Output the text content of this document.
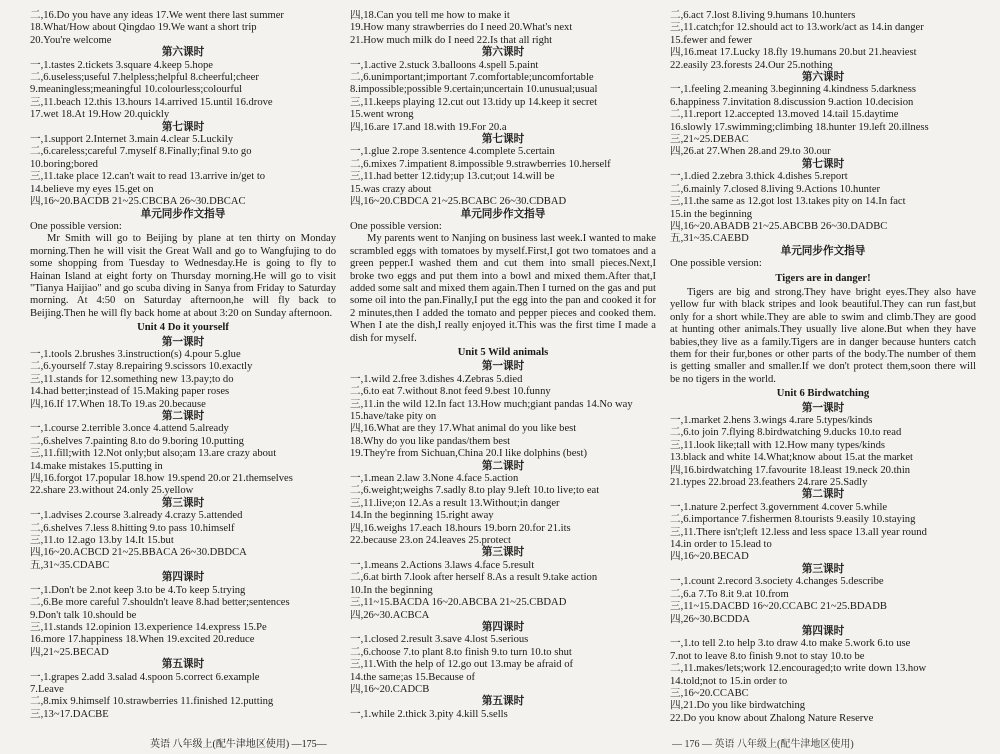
二,16.Do you have any ideas 17.We went there last summer
18.What/How about Qingdao 19.We want a short trip
20.You're welcome
第六课时
一,1.tastes 2.tickets 3.square 4.keep 5.hope
二,6.useless;useful 7.helpless;helpful 8.cheerful;cheer
9.meaningless;meaningful 10.colourless;colourful
三,11.beach 12.this 13.hours 14.arrived 15.until 16.drove
17.wet 18.At 19.How 20.quickly
第七课时
一,1.support 2.Internet 3.main 4.clear 5.Luckily
二,6.careless;careful 7.myself 8.Finally;final 9.to go
10.boring;bored
三,11.take place 12.can't wait to read 13.arrive in/get to
14.believe my eyes 15.get on
四,16~20.BACDB 21~25.CBCBA 26~30.DBCAC
单元同步作文指导
One possible version:
Mr Smith will go to Beijing by plane at ten thirty on Monday morning.Then he will visit the Great Wall and go to Wangfujing to do some shopping from Tuesday to Wednesday.He is going to fly to Hainan Island at eight forty on Thursday morning.He will go to visit "Tianya Haijiao" and go scuba diving in Sanya from Friday to Saturday morning. At 4:50 on Saturday afternoon,he will fly back to Beijing.Then he will fly back home at about 3:20 on Sunday afternoon.
Unit 4 Do it yourself
第一课时
一,1.tools 2.brushes 3.instruction(s) 4.pour 5.glue
二,6.yourself 7.stay 8.repairing 9.scissors 10.exactly
三,11.stands for 12.something new 13.pay;to do
14.had better;instead of 15.Making paper roses
四,16.If 17.When 18.To 19.as 20.because
第二课时
一,1.course 2.terrible 3.once 4.attend 5.already
二,6.shelves 7.painting 8.to do 9.boring 10.putting
三,11.fill;with 12.Not only;but also;am 13.are crazy about
14.make mistakes 15.putting in
四,16.forgot 17.popular 18.how 19.spend 20.or 21.themselves
22.share 23.without 24.only 25.yellow
第三课时
一,1.advises 2.course 3.already 4.crazy 5.attended
二,6.shelves 7.less 8.hitting 9.to pass 10.himself
三,11.to 12.ago 13.by 14.It 15.but
四,16~20.ACBCD 21~25.BBACA 26~30.DBDCA
五,31~35.CDABC
第四课时
一,1.Don't be 2.not keep 3.to be 4.To keep 5.trying
二,6.Be more careful 7.shouldn't leave 8.had better;sentences
9.Don't talk 10.should be
三,11.stands 12.opinion 13.experience 14.express 15.Pe
16.more 17.happiness 18.When 19.excited 20.reduce
四,21~25.BECAD
第五课时
一,1.grapes 2.add 3.salad 4.spoon 5.correct 6.example
7.Leave
二,8.mix 9.himself 10.strawberries 11.finished 12.putting
三,13~17.DACBE
四,18.Can you tell me how to make it
19.How many strawberries do I need 20.What's next
21.How much milk do I need 22.Is that all right
第六课时
一,1.active 2.stuck 3.balloons 4.spell 5.paint
二,6.unimportant;important 7.comfortable;uncomfortable
8.impossible;possible 9.certain;uncertain 10.unusual;usual
三,11.keeps playing 12.cut out 13.tidy up 14.keep it secret
15.went wrong
四,16.are 17.and 18.with 19.For 20.a
第七课时
一,1.glue 2.rope 3.sentence 4.complete 5.certain
二,6.mixes 7.impatient 8.impossible 9.strawberries 10.herself
三,11.had better 12.tidy;up 13.cut;out 14.will be
15.was crazy about
四,16~20.CBDCA 21~25.BCABC 26~30.CDBAD
单元同步作文指导
One possible version:
My parents went to Nanjing on business last week.I wanted to make scrambled eggs with tomatoes by myself.First,I got two tomatoes and a green pepper.I washed them and cut them into small pieces.Next,I broke two eggs and put them into a bowl and mixed them.After that,I added some salt and mixed them again.Then I turned on the gas and put some oil into the pan.Finally,I put the egg into the pan and cooked it for 2 minutes,then I added the tomato and pepper pieces and cooked them. When I ate the dish,I really enjoyed it.This was the first time I made a dish for myself.
Unit 5 Wild animals
第一课时
一,1.wild 2.free 3.dishes 4.Zebras 5.died
二,6.to eat 7.without 8.not feed 9.best 10.funny
三,11.in the wild 12.In fact 13.How much;giant pandas 14.No way
15.have/take pity on
四,16.What are they 17.What animal do you like best
18.Why do you like pandas/them best
19.They're from Sichuan,China 20.I like dolphins (best)
第二课时
一,1.mean 2.law 3.None 4.face 5.action
二,6.weight;weighs 7.sadly 8.to play 9.left 10.to live;to eat
三,11.live;on 12.As a result 13.Without;in danger
14.In the beginning 15.right away
四,16.weighs 17.each 18.hours 19.born 20.for 21.its
22.because 23.on 24.leaves 25.protect
第三课时
一,1.means 2.Actions 3.laws 4.face 5.result
二,6.at birth 7.look after herself 8.As a result 9.take action
10.In the beginning
三,11~15.BACDA 16~20.ABCBA 21~25.CBDAD
四,26~30.ACBCA
第四课时
一,1.closed 2.result 3.save 4.lost 5.serious
二,6.choose 7.to plant 8.to finish 9.to turn 10.to shut
三,11.With the help of 12.go out 13.may be afraid of
14.the same;as 15.Because of
四,16~20.CADCB
第五课时
一,1.while 2.thick 3.pity 4.kill 5.sells
二,6.act 7.lost 8.living 9.humans 10.hunters
三,11.catch;for 12.should act to 13.work/act as 14.in danger
15.fewer and fewer
四,16.meat 17.Lucky 18.fly 19.humans 20.but 21.heaviest
22.easily 23.forests 24.Our 25.nothing
第六课时
一,1.feeling 2.meaning 3.beginning 4.kindness 5.darkness
6.happiness 7.invitation 8.discussion 9.action 10.decision
二,11.report 12.accepted 13.moved 14.tail 15.daytime
16.slowly 17.swimming;climbing 18.hunter 19.left 20.illness
三,21~25.DEBAC
四,26.at 27.When 28.and 29.to 30.our
第七课时
一,1.died 2.zebra 3.thick 4.dishes 5.report
二,6.mainly 7.closed 8.living 9.Actions 10.hunter
三,11.the same as 12.got lost 13.takes pity on 14.In fact
15.in the beginning
四,16~20.ABADB 21~25.ABCBB 26~30.DADBC
五,31~35.CAEBD
单元同步作文指导
One possible version:
Tigers are in danger!
Tigers are big and strong.They have bright eyes.They also have yellow fur with black stripes and look beautiful.They can run fast,but only for a short while.They are able to swim and climb.They are good at hunting other animals.They usually live alone.But when they have babies,they live as a family.Tigers are in danger because hunters catch them for their fur,bones or other parts of the body.The number of them is getting smaller and smaller.If we don't protect them,soon there will be no tigers in the world.
Unit 6 Birdwatching
第一课时
一,1.market 2.hens 3.wings 4.rare 5.types/kinds
二,6.to join 7.flying 8.birdwatching 9.ducks 10.to read
三,11.look like;tall with 12.How many types/kinds
13.black and white 14.What;know about 15.at the market
四,16.birdwatching 17.favourite 18.least 19.neck 20.thin
21.types 22.broad 23.feathers 24.rare 25.Sadly
第二课时
一,1.nature 2.perfect 3.government 4.cover 5.while
二,6.importance 7.fishermen 8.tourists 9.easily 10.staying
三,11.There isn't;left 12.less and less space 13.all year round
14.in order to 15.lead to
四,16~20.BECAD
第三课时
一,1.count 2.record 3.society 4.changes 5.describe
二,6.a 7.To 8.it 9.at 10.from
三,11~15.DACBD 16~20.CCABC 21~25.BDADB
四,26~30.BCDDA
第四课时
一,1.to tell 2.to help 3.to draw 4.to make 5.work 6.to use
7.not to leave 8.to finish 9.not to stay 10.to be
二,11.makes/lets;work 12.encouraged;to write down 13.how
14.told;not to 15.in order to
三,16~20.CCABC
四,21.Do you like birdwatching
22.Do you know about Zhalong Nature Reserve
英语 八年级上(配牛津地区使用) —175—	— 176 — 英语 八年级上(配牛津地区使用)
